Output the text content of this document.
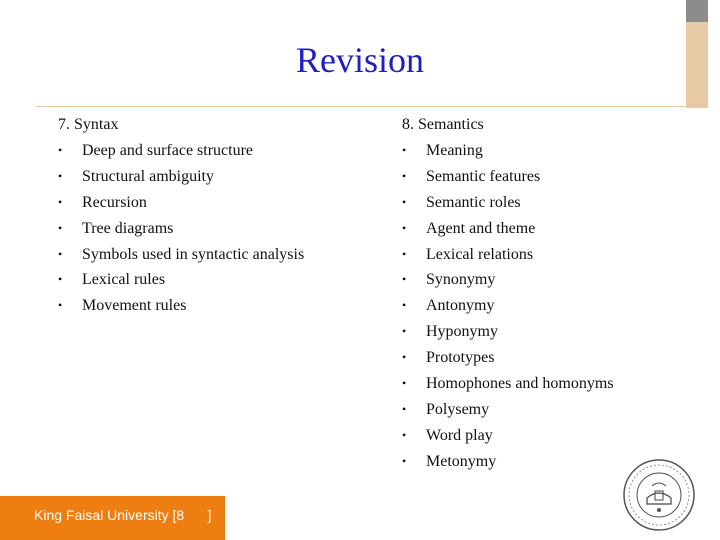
Revision
7. Syntax
•	Deep and surface structure
•	Structural ambiguity
•	Recursion
•	Tree diagrams
•	Symbols used in syntactic analysis
•	Lexical rules
•	Movement rules
8. Semantics
•	Meaning
•	Semantic features
•	Semantic roles
•	Agent and theme
•	Lexical relations
•	Synonymy
•	Antonymy
•	Hyponymy
•	Prototypes
•	Homophones and homonyms
•	Polysemy
•	Word play
•	Metonymy
King Faisal University [8      ]
